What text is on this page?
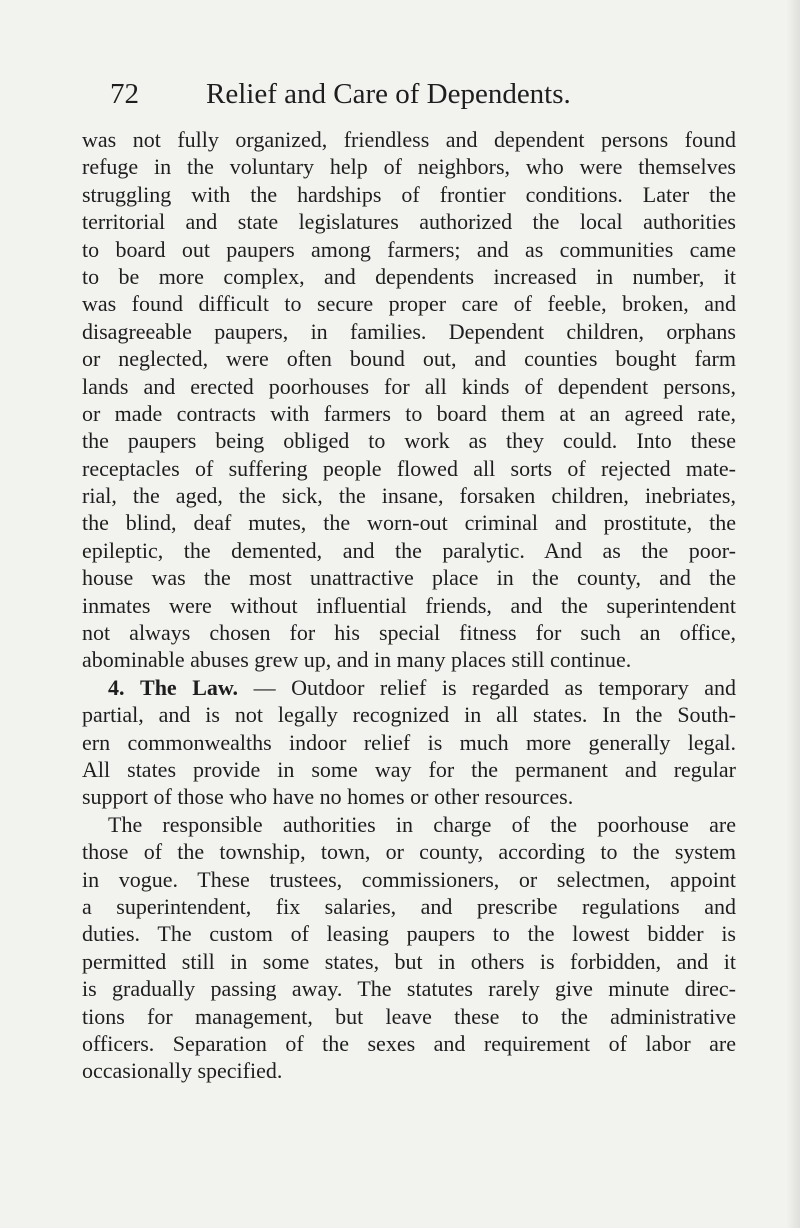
72 Relief and Care of Dependents.
was not fully organized, friendless and dependent persons found
refuge in the voluntary help of neighbors, who were themselves
struggling with the hardships of frontier conditions. Later the
territorial and state legislatures authorized the local authorities
to board out paupers among farmers; and as communities came
to be more complex, and dependents increased in number, it
was found difficult to secure proper care of feeble, broken, and
disagreeable paupers, in families. Dependent children, orphans
or neglected, were often bound out, and counties bought farm
lands and erected poorhouses for all kinds of dependent persons,
or made contracts with farmers to board them at an agreed rate,
the paupers being obliged to work as they could. Into these
receptacles of suffering people flowed all sorts of rejected mate-
rial, the aged, the sick, the insane, forsaken children, inebriates,
the blind, deaf mutes, the worn-out criminal and prostitute, the
epileptic, the demented, and the paralytic. And as the poor-
house was the most unattractive place in the county, and the
inmates were without influential friends, and the superintendent
not always chosen for his special fitness for such an office,
abominable abuses grew up, and in many places still continue.
4. The Law. — Outdoor relief is regarded as temporary and
partial, and is not legally recognized in all states. In the South-
ern commonwealths indoor relief is much more generally legal.
All states provide in some way for the permanent and regular
support of those who have no homes or other resources.
The responsible authorities in charge of the poorhouse are
those of the township, town, or county, according to the system
in vogue. These trustees, commissioners, or selectmen, appoint
a superintendent, fix salaries, and prescribe regulations and
duties. The custom of leasing paupers to the lowest bidder is
permitted still in some states, but in others is forbidden, and it
is gradually passing away. The statutes rarely give minute direc-
tions for management, but leave these to the administrative
officers. Separation of the sexes and requirement of labor are
occasionally specified.
